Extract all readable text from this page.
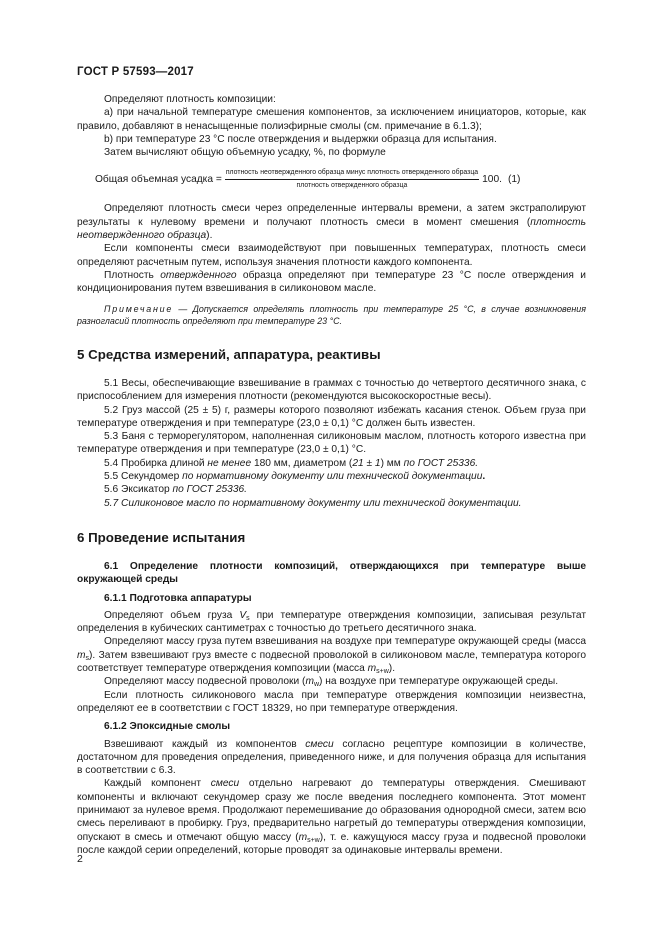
ГОСТ Р 57593—2017

Определяют плотность композиции:

a) при начальной температуре смешения компонентов, за исключением инициаторов, которые, как правило, добавляют в ненасыщенные полиэфирные смолы (см. примечание в 6.1.3);

b) при температуре 23 °С после отверждения и выдержки образца для испытания.

Затем вычисляют общую объемную усадку, %, по формуле

Общая объемная усадка =
плотность неотвержденного образца минус плотность отвержденного образца
плотность отвержденного образца
100. (1)

Определяют плотность смеси через определенные интервалы времени, а затем экстраполируют результаты к нулевому времени и получают плотность смеси в момент смешения (плотность неотвержденного образца).

Если компоненты смеси взаимодействуют при повышенных температурах, плотность смеси определяют расчетным путем, используя значения плотности каждого компонента.

Плотность отвержденного образца определяют при температуре 23 °С после отверждения и кондиционирования путем взвешивания в силиконовом масле.

Примечание — Допускается определять плотность при температуре 25 °С, в случае возникновения разногласий плотность определяют при температуре 23 °С.

5 Средства измерений, аппаратура, реактивы

5.1 Весы, обеспечивающие взвешивание в граммах с точностью до четвертого десятичного знака, с приспособлением для измерения плотности (рекомендуются высокоскоростные весы).

5.2 Груз массой (25 ± 5) г, размеры которого позволяют избежать касания стенок. Объем груза при температуре отверждения и при температуре (23,0 ± 0,1) °С должен быть известен.

5.3 Баня с терморегулятором, наполненная силиконовым маслом, плотность которого известна при температуре отверждения и при температуре (23,0 ± 0,1) °С.

5.4 Пробирка длиной не менее 180 мм, диаметром (21 ± 1) мм по ГОСТ 25336.

5.5 Секундомер по нормативному документу или технической документации.

5.6 Эксикатор по ГОСТ 25336.

5.7 Силиконовое масло по нормативному документу или технической документации.

6 Проведение испытания

6.1 Определение плотности композиций, отверждающихся при температуре выше окружающей среды

6.1.1 Подготовка аппаратуры

Определяют объем груза $V_s$ при температуре отверждения композиции, записывая результат определения в кубических сантиметрах с точностью до третьего десятичного знака.

Определяют массу груза путем взвешивания на воздухе при температуре окружающей среды (масса $m_s$). Затем взвешивают груз вместе с подвесной проволокой в силиконовом масле, температура которого соответствует температуре отверждения композиции (масса $m_{s+w}$).

Определяют массу подвесной проволоки $(m_w)$ на воздухе при температуре окружающей среды.

Если плотность силиконового масла при температуре отверждения композиции неизвестна, определяют ее в соответствии с ГОСТ 18329, но при температуре отверждения.

6.1.2 Эпоксидные смолы

Взвешивают каждый из компонентов смеси согласно рецептуре композиции в количестве, достаточном для проведения определения, приведенного ниже, и для получения образца для испытания в соответствии с 6.3.

Каждый компонент смеси отдельно нагревают до температуры отверждения. Смешивают компоненты и включают секундомер сразу же после введения последнего компонента. Этот момент принимают за нулевое время. Продолжают перемешивание до образования однородной смеси, затем всю смесь переливают в пробирку. Груз, предварительно нагретый до температуры отверждения композиции, опускают в смесь и отмечают общую массу $(m_{s+w})$, т. е. кажущуюся массу груза и подвесной проволоки после каждой серии определений, которые проводят за одинаковые интервалы времени.

2
